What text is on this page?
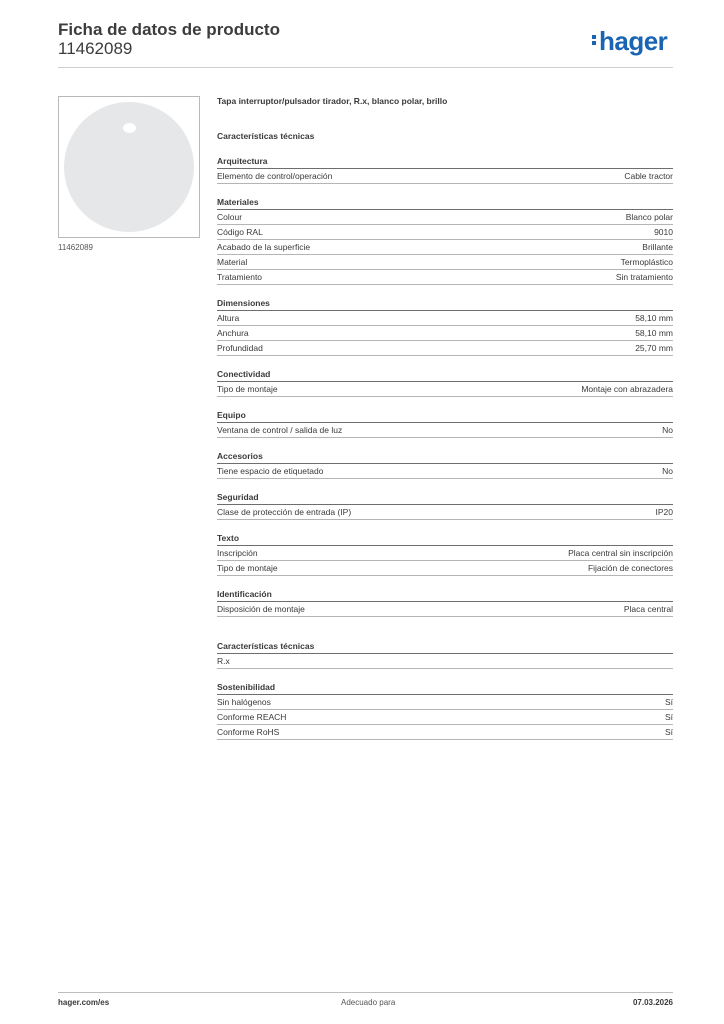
Ficha de datos de producto
11462089	hager
11462089
Tapa interruptor/pulsador tirador, R.x, blanco polar, brillo
Características técnicas
Arquitectura
Elemento de control/operación	Cable tractor
Materiales
Colour	Blanco polar
Código RAL	9010
Acabado de la superficie	Brillante
Material	Termoplástico
Tratamiento	Sin tratamiento
Dimensiones
Altura	58,10 mm
Anchura	58,10 mm
Profundidad	25,70 mm
Conectividad
Tipo de montaje	Montaje con abrazadera
Equipo
Ventana de control / salida de luz	No
Accesorios
Tiene espacio de etiquetado	No
Seguridad
Clase de protección de entrada (IP)	IP20
Texto
Inscripción	Placa central sin inscripción
Tipo de montaje	Fijación de conectores
Identificación
Disposición de montaje	Placa central
Características técnicas
R.x
Sostenibilidad
Sin halógenos	Sí
Conforme REACH	Sí
Conforme RoHS	Sí
hager.com/es	Adecuado para	07.03.2026
